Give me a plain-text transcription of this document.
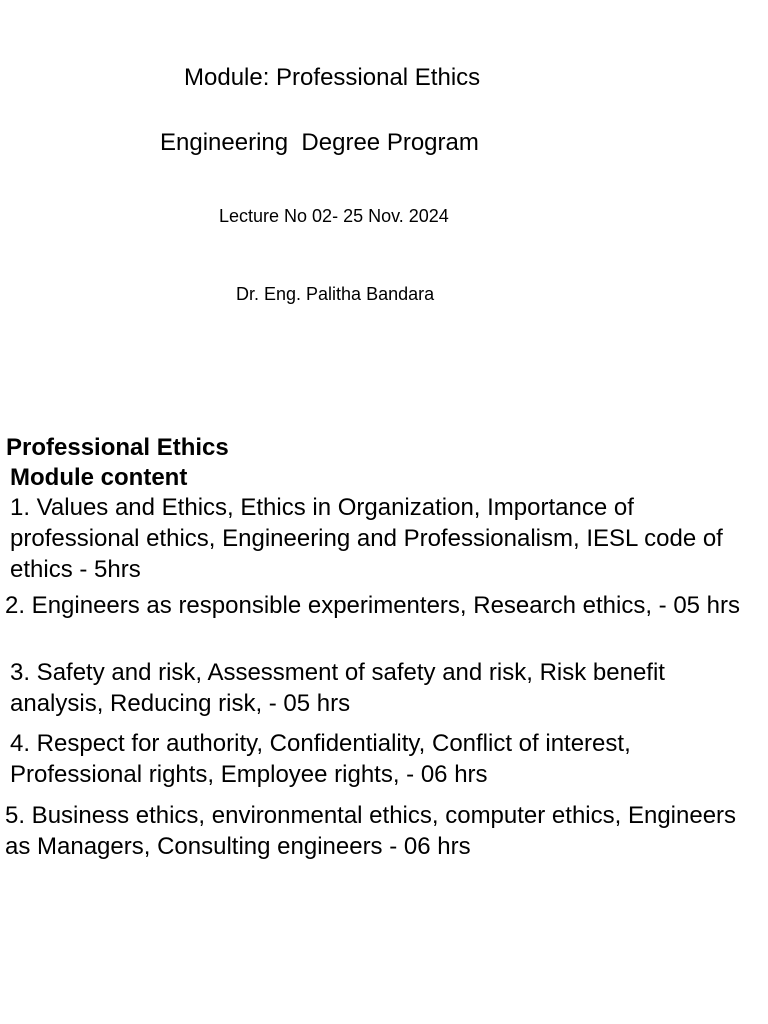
Module: Professional Ethics
Engineering  Degree Program
Lecture No 02- 25 Nov. 2024
Dr. Eng. Palitha Bandara
Professional Ethics
Module content
1. Values and Ethics, Ethics in Organization, Importance of professional ethics, Engineering and Professionalism, IESL code of ethics - 5hrs
2. Engineers as responsible experimenters, Research ethics, - 05 hrs
3. Safety and risk, Assessment of safety and risk, Risk benefit analysis, Reducing risk, - 05 hrs
4. Respect for authority, Confidentiality, Conflict of interest, Professional rights, Employee rights, - 06 hrs
5. Business ethics, environmental ethics, computer ethics, Engineers as Managers, Consulting engineers - 06 hrs
